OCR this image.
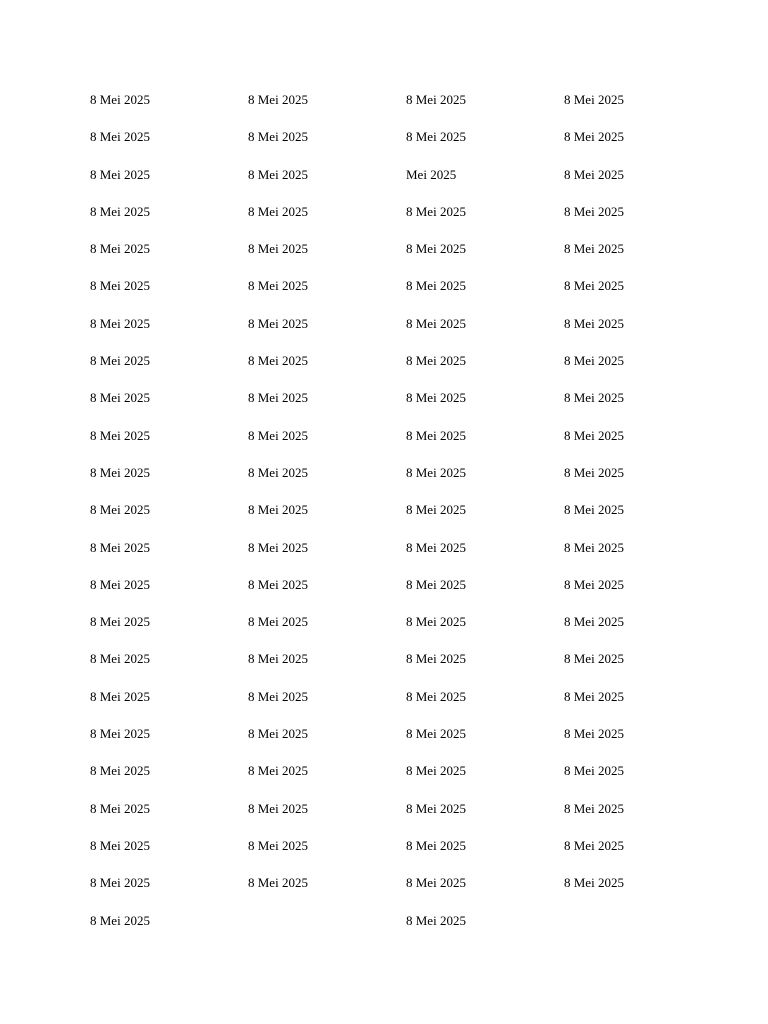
8 Mei 2025
8 Mei 2025
8 Mei 2025
8 Mei 2025
8 Mei 2025
8 Mei 2025
8 Mei 2025
8 Mei 2025
8 Mei 2025
8 Mei 2025
8 Mei 2025
8 Mei 2025
8 Mei 2025
8 Mei 2025
8 Mei 2025
8 Mei 2025
8 Mei 2025
8 Mei 2025
8 Mei 2025
8 Mei 2025
8 Mei 2025
8 Mei 2025
8 Mei 2025
8 Mei 2025
8 Mei 2025
8 Mei 2025
8 Mei 2025
8 Mei 2025
8 Mei 2025
8 Mei 2025
8 Mei 2025
8 Mei 2025
8 Mei 2025
8 Mei 2025
8 Mei 2025
8 Mei 2025
8 Mei 2025
8 Mei 2025
8 Mei 2025
8 Mei 2025
8 Mei 2025
8 Mei 2025
8 Mei 2025
8 Mei 2025
8 Mei 2025
8 Mei 2025
8 Mei 2025
Mei 2025
8 Mei 2025
8 Mei 2025
8 Mei 2025
8 Mei 2025
8 Mei 2025
8 Mei 2025
8 Mei 2025
8 Mei 2025
8 Mei 2025
8 Mei 2025
8 Mei 2025
8 Mei 2025
8 Mei 2025
8 Mei 2025
8 Mei 2025
8 Mei 2025
8 Mei 2025
8 Mei 2025
8 Mei 2025
8 Mei 2025
8 Mei 2025
8 Mei 2025
8 Mei 2025
8 Mei 2025
8 Mei 2025
8 Mei 2025
8 Mei 2025
8 Mei 2025
8 Mei 2025
8 Mei 2025
8 Mei 2025
8 Mei 2025
8 Mei 2025
8 Mei 2025
8 Mei 2025
8 Mei 2025
8 Mei 2025
8 Mei 2025
8 Mei 2025
8 Mei 2025
8 Mei 2025
8 Mei 2025
